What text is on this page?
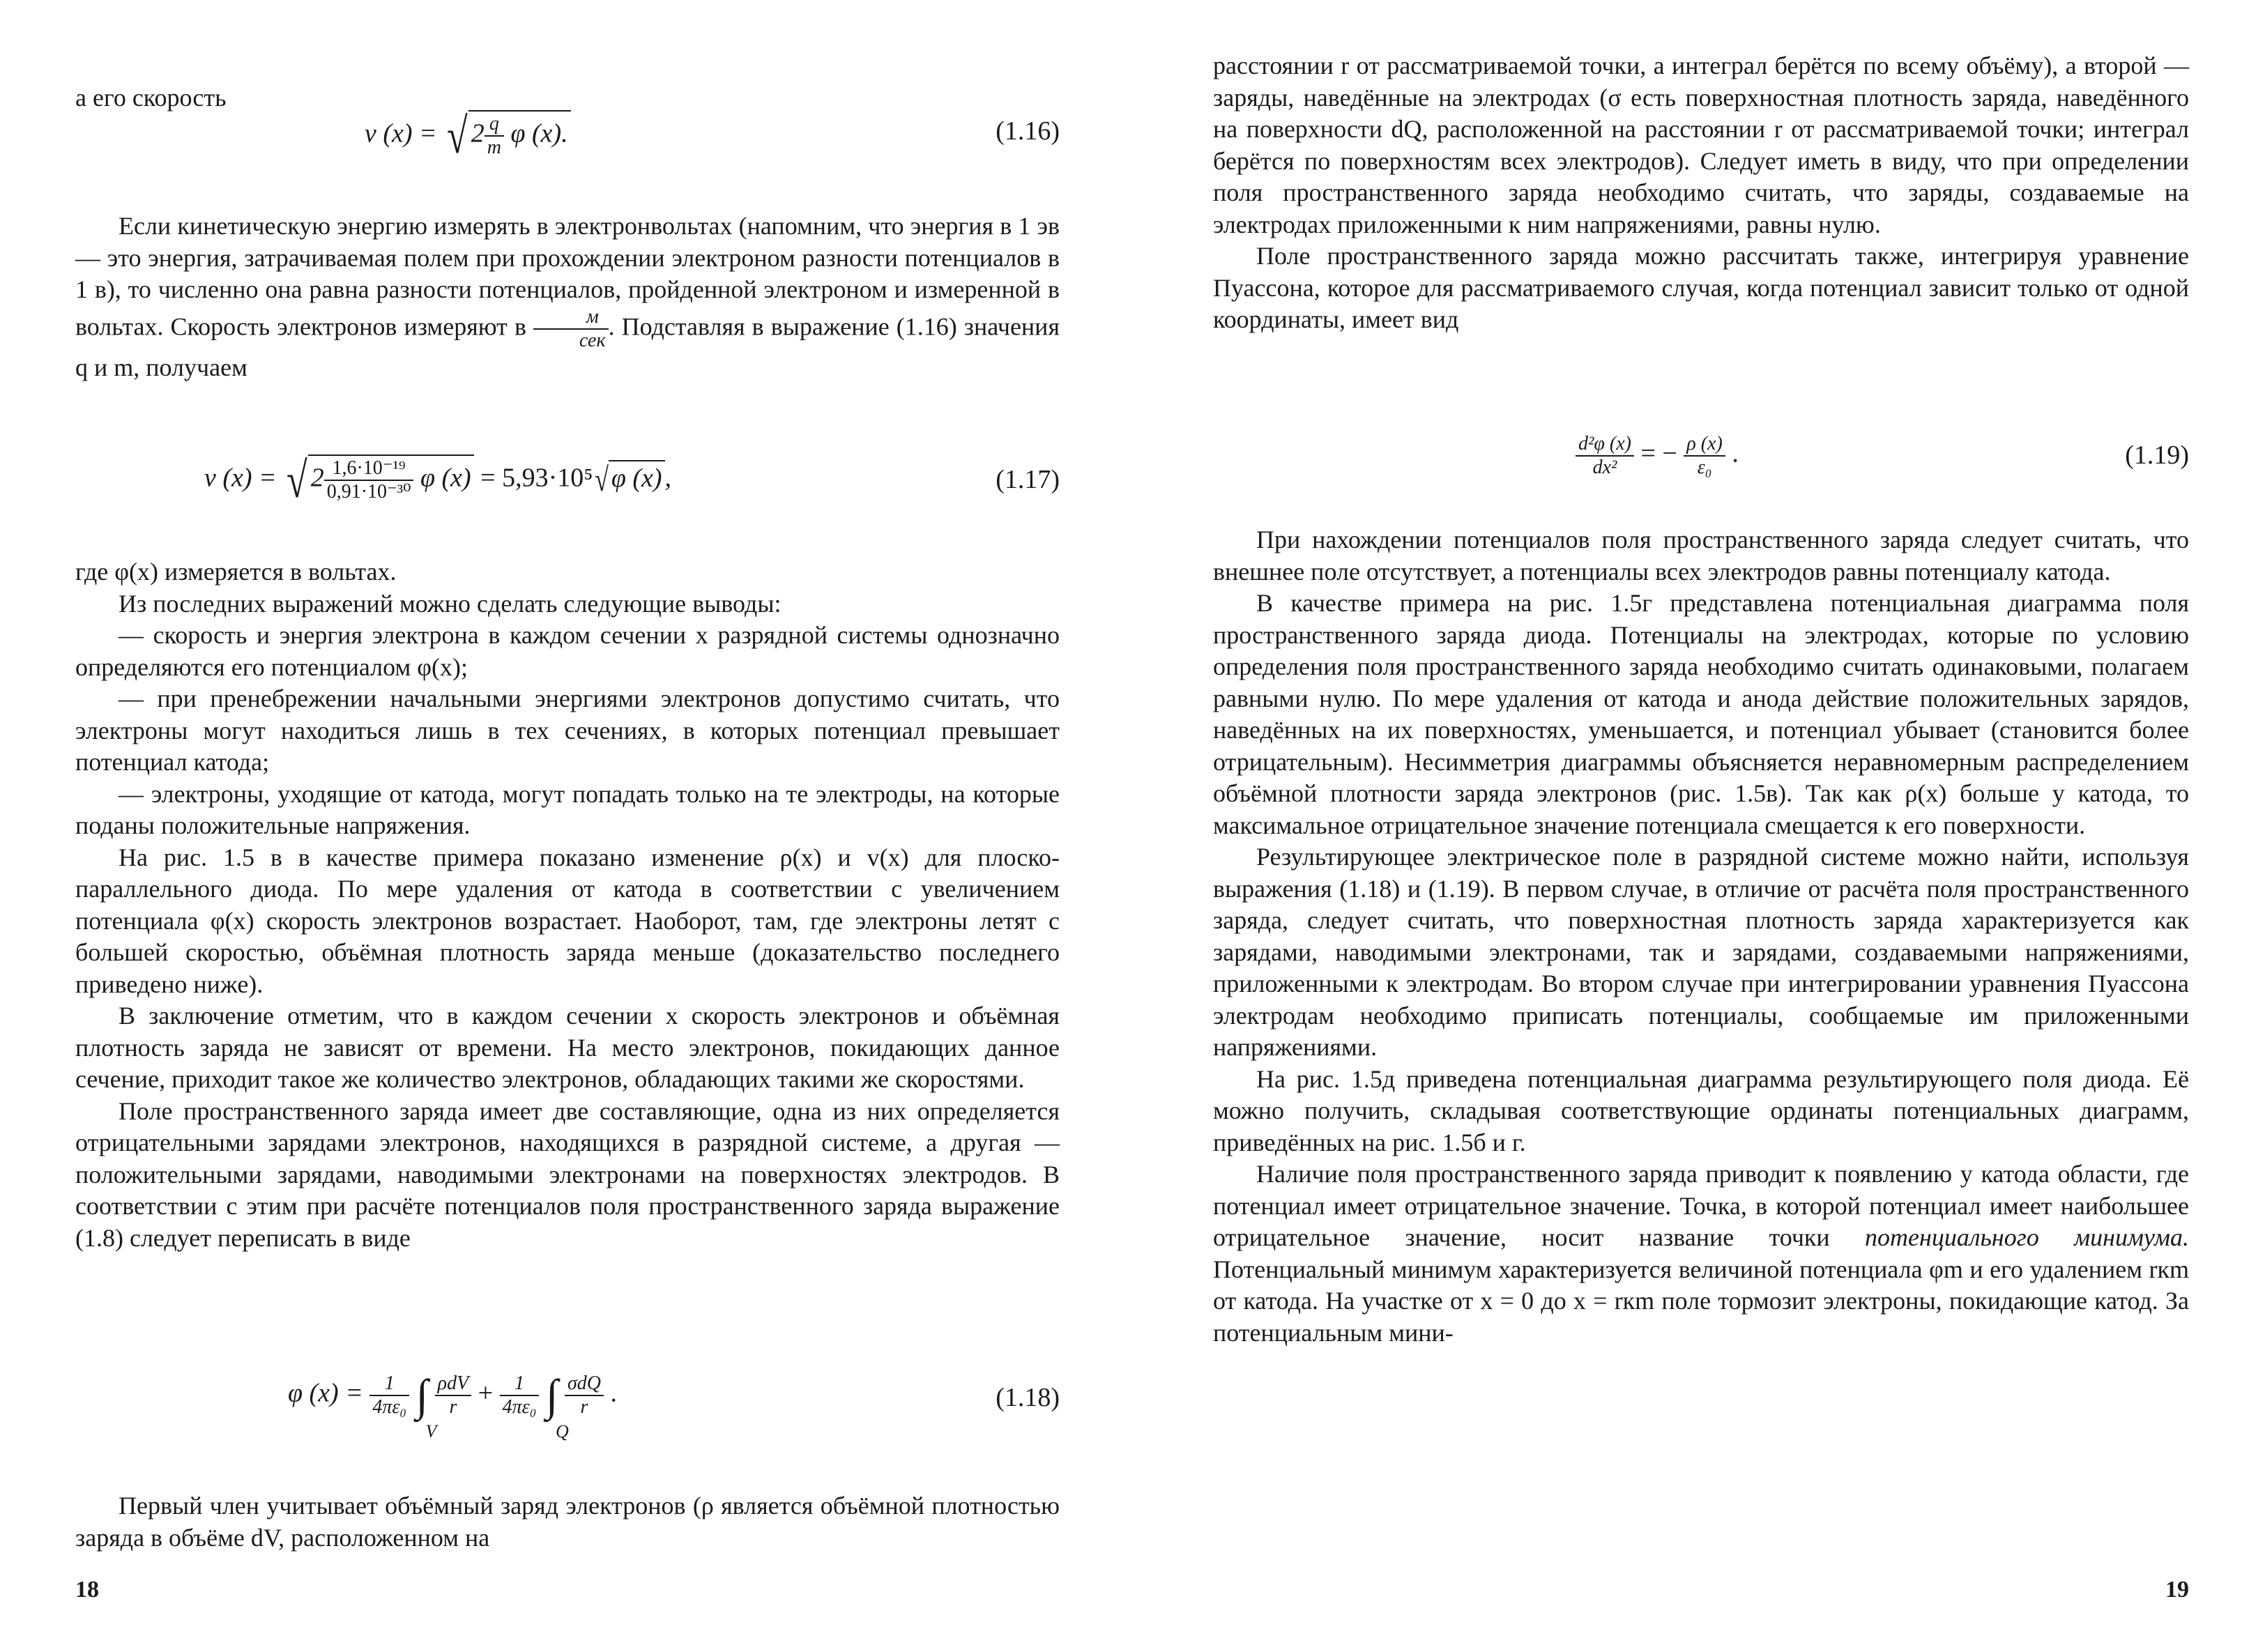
а его скорость

v (x) = √ $2 \frac{q}{m}$ φ (x).	(1.16)

Если кинетическую энергию измерять в электронвольтах (напомним, что энергия в 1 эв — это энергия, затрачиваемая полем при прохождении электроном разности потенциалов в 1 в), то численно она равна разности потенциалов, пройденной электроном и измеренной в вольтах. Скорость электронов измеряют в $\frac{м}{\text{сек}}$ . Подставляя в выражение (1.16) значения q и m, получаем

v (x) = √ $2 \frac{\text{1,6·10⁻¹⁹}}{\text{0,91·10⁻³⁰}}$ φ (x) = 5,93·10⁵√φ (x) ,	(1.17)

где φ(x) измеряется в вольтах.

Из последних выражений можно сделать следующие выводы:

— скорость и энергия электрона в каждом сечении x разрядной системы однозначно определяются его потенциалом φ(x);

— при пренебрежении начальными энергиями электронов допустимо считать, что электроны могут находиться лишь в тех сечениях, в которых потенциал превышает потенциал катода;

— электроны, уходящие от катода, могут попадать только на те электроды, на которые поданы положительные напряжения.

На рис. 1.5 в в качестве примера показано изменение ρ(x) и v(x) для плоско-параллельного диода. По мере удаления от катода в соответствии с увеличением потенциала φ(x) скорость электронов возрастает. Наоборот, там, где электроны летят с большей скоростью, объёмная плотность заряда меньше (доказательство последнего приведено ниже).

В заключение отметим, что в каждом сечении x скорость электронов и объёмная плотность заряда не зависят от времени. На место электронов, покидающих данное сечение, приходит такое же количество электронов, обладающих такими же скоростями.

Поле пространственного заряда имеет две составляющие, одна из них определяется отрицательными зарядами электронов, находящихся в разрядной системе, а другая — положительными зарядами, наводимыми электронами на поверхностях электродов. В соответствии с этим при расчёте потенциалов поля пространственного заряда выражение (1.8) следует переписать в виде

φ $(x) = \frac{1}{\text{4πε₀}}$ ∫
V

$\frac{\text{ρdV}}{r} + \frac{1}{\text{4πε₀}}$ ∫
Q

$\frac{\text{σdQ}}{r}$ .	(1.18)

Первый член учитывает объёмный заряд электронов (ρ является объёмной плотностью заряда в объёме dV, расположенном на

18

расстоянии r от рассматриваемой точки, а интеграл берётся по всему объёму), а второй — заряды, наведённые на электродах (σ есть поверхностная плотность заряда, наведённого на поверхности dQ, расположенной на расстоянии r от рассматриваемой точки; интеграл берётся по поверхностям всех электродов). Следует иметь в виду, что при определении поля пространственного заряда необходимо считать, что заряды, создаваемые на электродах приложенными к ним напряжениями, равны нулю.

Поле пространственного заряда можно рассчитать также, интегрируя уравнение Пуассона, которое для рассматриваемого случая, когда потенциал зависит только от одной координаты, имеет вид

$\frac{\text{d²φ (x)}}{\text{dx²}}$ = − $\frac{\rho (x)}{\text{ε₀}}$ .	(1.19)

При нахождении потенциалов поля пространственного заряда следует считать, что внешнее поле отсутствует, а потенциалы всех электродов равны потенциалу катода.

В качестве примера на рис. 1.5г представлена потенциальная диаграмма поля пространственного заряда диода. Потенциалы на электродах, которые по условию определения поля пространственного заряда необходимо считать одинаковыми, полагаем равными нулю. По мере удаления от катода и анода действие положительных зарядов, наведённых на их поверхностях, уменьшается, и потенциал убывает (становится более отрицательным). Несимметрия диаграммы объясняется неравномерным распределением объёмной плотности заряда электронов (рис. 1.5в). Так как ρ(x) больше у катода, то максимальное отрицательное значение потенциала смещается к его поверхности.

Результирующее электрическое поле в разрядной системе можно найти, используя выражения (1.18) и (1.19). В первом случае, в отличие от расчёта поля пространственного заряда, следует считать, что поверхностная плотность заряда характеризуется как зарядами, наводимыми электронами, так и зарядами, создаваемыми напряжениями, приложенными к электродам. Во втором случае при интегрировании уравнения Пуассона электродам необходимо приписать потенциалы, сообщаемые им приложенными напряжениями.

На рис. 1.5д приведена потенциальная диаграмма результирующего поля диода. Её можно получить, складывая соответствующие ординаты потенциальных диаграмм, приведённых на рис. 1.5б и г.

Наличие поля пространственного заряда приводит к появлению у катода области, где потенциал имеет отрицательное значение. Точка, в которой потенциал имеет наибольшее отрицательное значение, носит название точки потенциального минимума. Потенциальный минимум характеризуется величиной потенциала φm и его удалением rкm от катода. На участке от x = 0 до x = rкm поле тормозит электроны, покидающие катод. За потенциальным мини-

19
